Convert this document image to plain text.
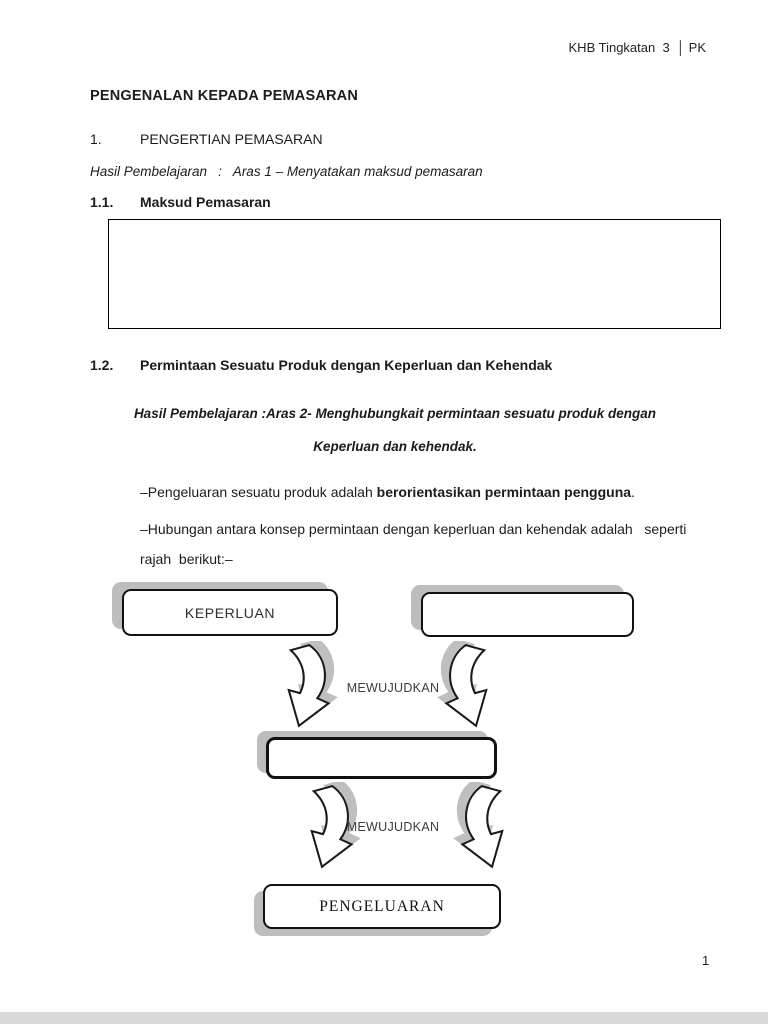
KHB Tingkatan  3  │ PK
PENGENALAN KEPADA PEMASARAN
1.	PENGERTIAN PEMASARAN
Hasil Pembelajaran   :   Aras 1 – Menyatakan maksud pemasaran
1.1.	Maksud Pemasaran
1.2.	Permintaan Sesuatu Produk dengan Keperluan dan Kehendak
Hasil Pembelajaran :Aras 2- Menghubungkait permintaan sesuatu produk dengan
Keperluan dan kehendak.
–Pengeluaran sesuatu produk adalah berorientasikan permintaan pengguna.
–Hubungan antara konsep permintaan dengan keperluan dan kehendak adalah   seperti
rajah  berikut:–
KEPERLUAN
MEWUJUDKAN
MEWUJUDKAN
PENGELUARAN
1
